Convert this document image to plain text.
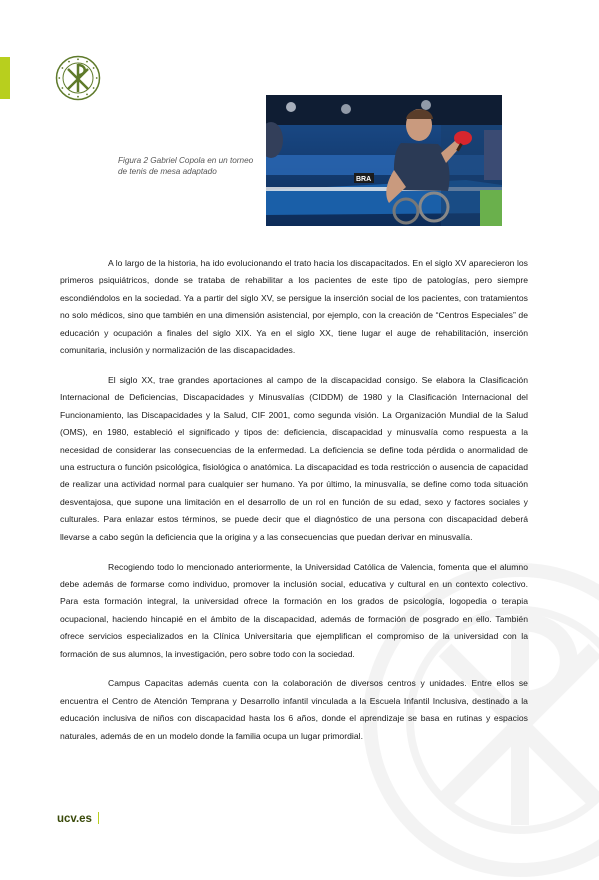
BRA
Figura 2 Gabriel Copola en un torneo de tenis de mesa adaptado

A lo largo de la historia, ha ido evolucionando el trato hacia los discapacitados. En el siglo XV aparecieron los primeros psiquiátricos, donde se trataba de rehabilitar a los pacientes de este tipo de patologías, pero siempre escondiéndolos en la sociedad. Ya a partir del siglo XV, se persigue la inserción social de los pacientes, con tratamientos no solo médicos, sino que también en una dimensión asistencial, por ejemplo, con la creación de “Centros Especiales” de educación y ocupación a finales del siglo XIX. Ya en el siglo XX, tiene lugar el auge de rehabilitación, inserción comunitaria, inclusión y normalización de las discapacidades.

El siglo XX, trae grandes aportaciones al campo de la discapacidad consigo. Se elabora la Clasificación Internacional de Deficiencias, Discapacidades y Minusvalías (CIDDM) de 1980 y la Clasificación Internacional del Funcionamiento, las Discapacidades y la Salud, CIF 2001, como segunda visión. La Organización Mundial de la Salud (OMS), en 1980, estableció el significado y tipos de: deficiencia, discapacidad y minusvalía como respuesta a la necesidad de considerar las consecuencias de la enfermedad. La deficiencia se define toda pérdida o anormalidad de una estructura o función psicológica, fisiológica o anatómica. La discapacidad es toda restricción o ausencia de capacidad de realizar una actividad normal para cualquier ser humano. Ya por último, la minusvalía, se define como toda situación desventajosa, que supone una limitación en el desarrollo de un rol en función de su edad, sexo y factores sociales y culturales. Para enlazar estos términos, se puede decir que el diagnóstico de una persona con discapacidad deberá llevarse a cabo según la deficiencia que la origina y a las consecuencias que puedan derivar en minusvalía.

Recogiendo todo lo mencionado anteriormente, la Universidad Católica de Valencia, fomenta que el alumno debe además de formarse como individuo, promover la inclusión social, educativa y cultural en un contexto colectivo. Para esta formación integral, la universidad ofrece la formación en los grados de psicología, logopedia o terapia ocupacional, haciendo hincapié en el ámbito de la discapacidad, además de formación de posgrado en ello. También ofrece servicios especializados en la Clínica Universitaria que ejemplifican el compromiso de la universidad con la formación de sus alumnos, la investigación, pero sobre todo con la sociedad.

Campus Capacitas además cuenta con la colaboración de diversos centros y unidades. Entre ellos se encuentra el Centro de Atención Temprana y Desarrollo infantil vinculada a la Escuela Infantil Inclusiva, destinado a la educación inclusiva de niños con discapacidad hasta los 6 años, donde el aprendizaje se basa en rutinas y espacios naturales, además de en un modelo donde la familia ocupa un lugar primordial.

ucv.es
